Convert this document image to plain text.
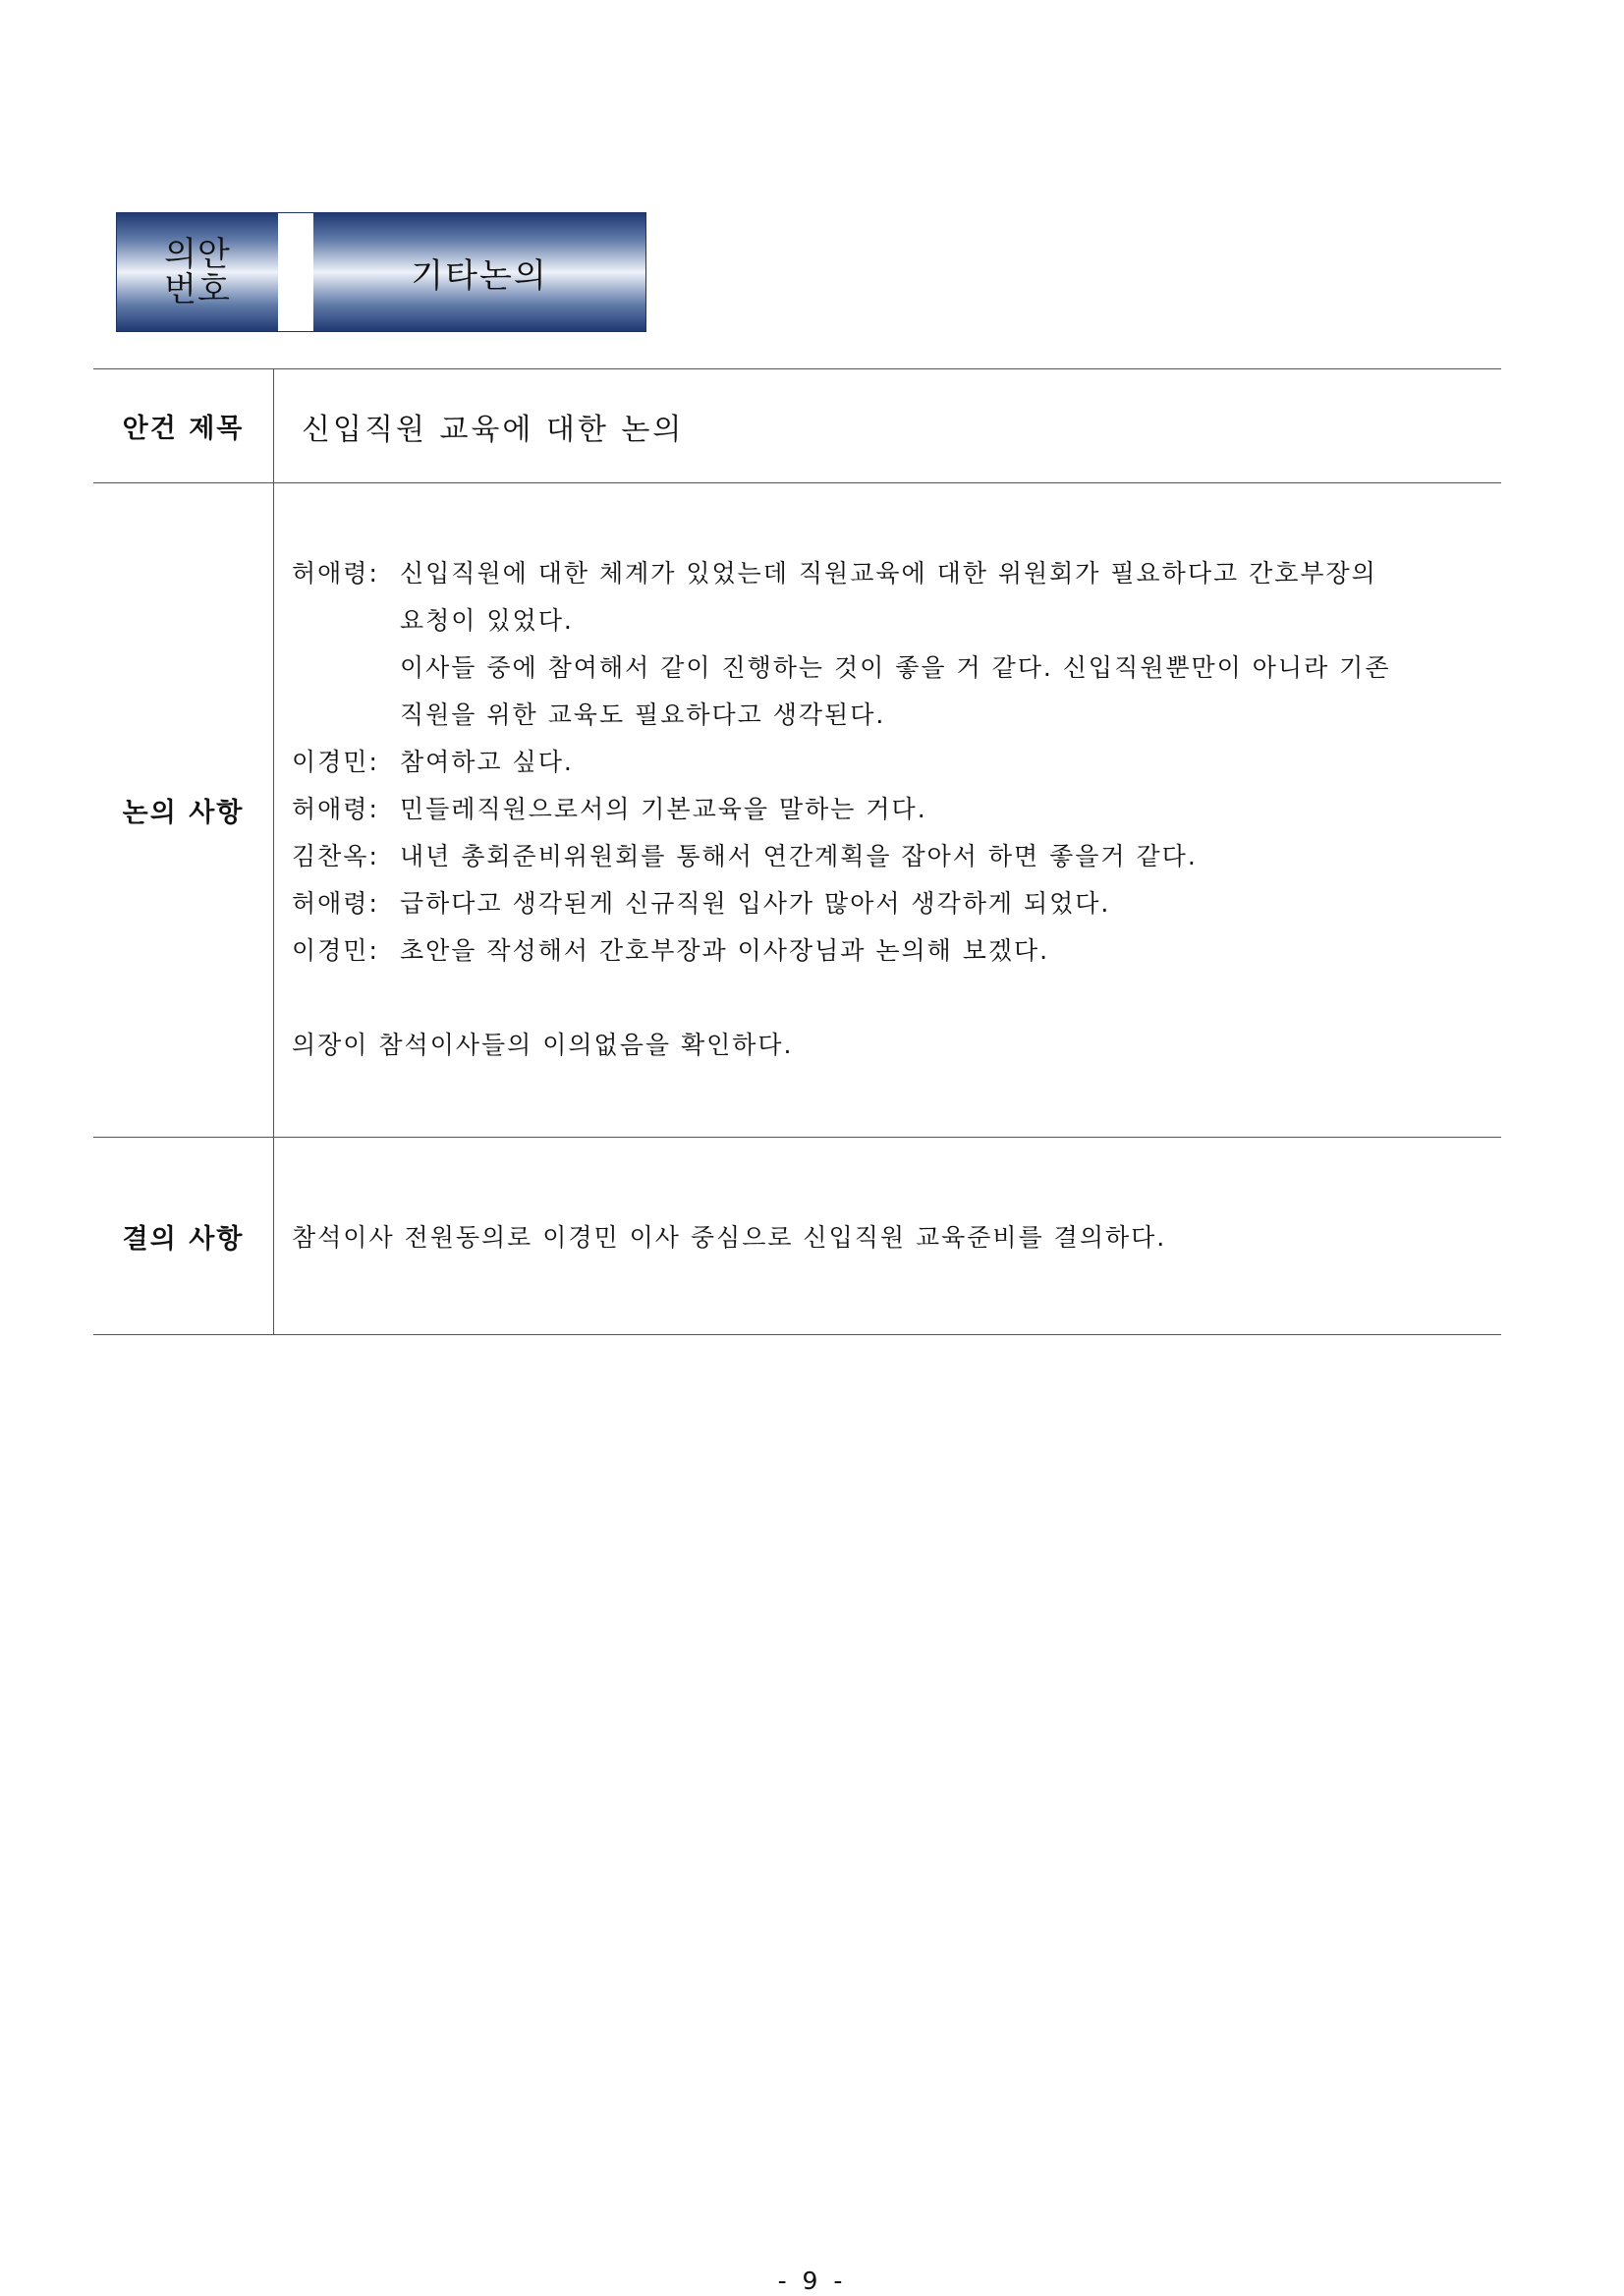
의안
번호	기타논의
안건 제목	신입직원 교육에 대한 논의
논의 사항
허애령: 신입직원에 대한 체계가 있었는데 직원교육에 대한 위원회가 필요하다고 간호부장의
요청이 있었다.
이사들 중에 참여해서 같이 진행하는 것이 좋을 거 같다. 신입직원뿐만이 아니라 기존
직원을 위한 교육도 필요하다고 생각된다.
이경민: 참여하고 싶다.
허애령: 민들레직원으로서의 기본교육을 말하는 거다.
김찬옥: 내년 총회준비위원회를 통해서 연간계획을 잡아서 하면 좋을거 같다.
허애령: 급하다고 생각된게 신규직원 입사가 많아서 생각하게 되었다.
이경민: 초안을 작성해서 간호부장과 이사장님과 논의해 보겠다.
의장이 참석이사들의 이의없음을 확인하다.
결의 사항	참석이사 전원동의로 이경민 이사 중심으로 신입직원 교육준비를 결의하다.
- 9 -
